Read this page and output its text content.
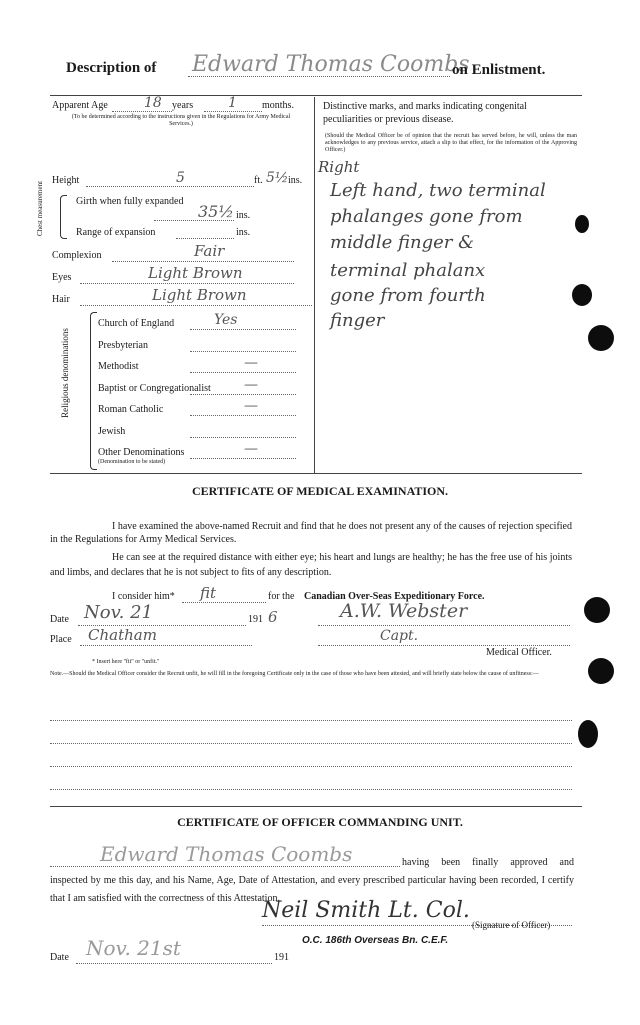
Description of Edward Thomas Coombs
on Enlistment.
Apparent Age	18 years 1	months.
(To be determined according to the instructions given in the Regulations for Army Medical Services.)
Height	5	ft. 5½ ins.
Chest measurement	Girth when fully expanded
35½ ins.
Range of expansion	ins.
Complexion	Fair
Eyes	Light Brown
Hair	Light Brown
Religious denominations
Church of England	Yes
Presbyterian
Methodist	—
Baptist or Congregationalist —
Roman Catholic	—
Jewish
Other Denominations	—
(Denomination to be stated)
Distinctive marks, and marks indicating congenital peculiarities or previous disease.
(Should the Medical Officer be of opinion that the recruit has served before, he will, unless the man acknowledges to any previous service, attach a slip to that effect, for the information of the Approving Officer.)
Right
Left hand, two terminal
phalanges gone from
middle finger &
terminal phalanx
gone from fourth
finger
CERTIFICATE OF MEDICAL EXAMINATION.
I have examined the above-named Recruit and find that he does not present any of the causes of rejection specified in the Regulations for Army Medical Services.
He can see at the required distance with either eye; his heart and lungs are healthy; he has the free use of his joints and limbs, and declares that he is not subject to fits of any description.
I consider him* fit	for the Canadian Over-Seas Expeditionary Force.
Date Nov. 21	191 6	A.W. Webster
Place Chatham	Capt.
Medical Officer.
* Insert here "fit" or "unfit."
Note.—Should the Medical Officer consider the Recruit unfit, he will fill in the foregoing Certificate only in the case of those who have been attested, and will briefly state below the cause of unfitness:—
CERTIFICATE OF OFFICER COMMANDING UNIT.
Edward Thomas Coombs	having been finally approved and inspected by me this day, and his Name, Age, Date of Attestation, and every prescribed particular having been recorded, I certify that I am satisfied with the correctness of this Attestation.
Neil Smith Lt. Col.
(Signature of Officer)
O.C. 186th Overseas Bn. C.E.F.
Date Nov. 21st	191
